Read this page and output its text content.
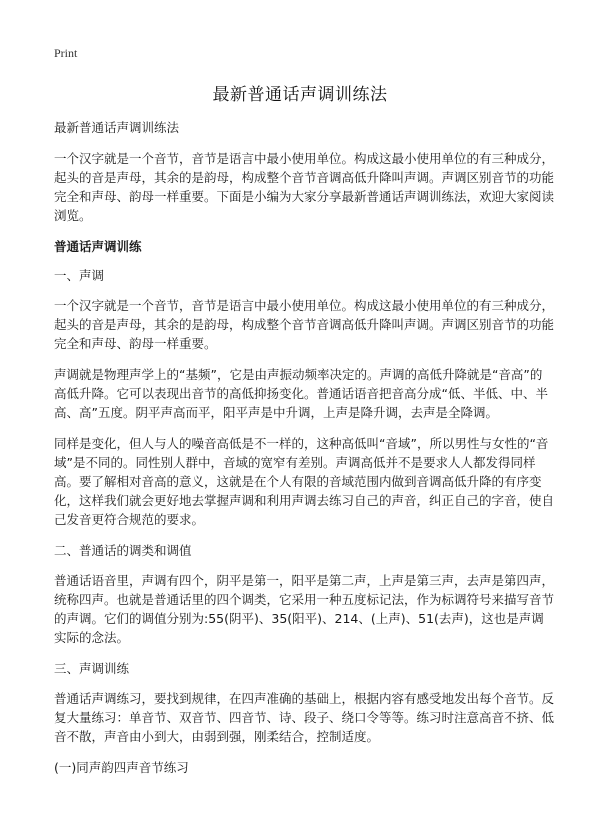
Print
最新普通话声调训练法

最新普通话声调训练法

一个汉字就是一个音节，音节是语言中最小使用单位。构成这最小使用单位的有三种成分，起头的音是声母，其余的是韵母，构成整个音节音调高低升降叫声调。声调区别音节的功能完全和声母、韵母一样重要。下面是小编为大家分享最新普通话声调训练法，欢迎大家阅读浏览。

普通话声调训练

一、声调

一个汉字就是一个音节，音节是语言中最小使用单位。构成这最小使用单位的有三种成分，起头的音是声母，其余的是韵母，构成整个音节音调高低升降叫声调。声调区别音节的功能完全和声母、韵母一样重要。

声调就是物理声学上的“基频”，它是由声振动频率决定的。声调的高低升降就是“音高”的高低升降。它可以表现出音节的高低抑扬变化。普通话语音把音高分成“低、半低、中、半高、高”五度。阴平声高而平，阳平声是中升调，上声是降升调，去声是全降调。

同样是变化，但人与人的噪音高低是不一样的，这种高低叫“音域”，所以男性与女性的“音域”是不同的。同性别人群中，音域的宽窄有差别。声调高低并不是要求人人都发得同样高。要了解相对音高的意义，这就是在个人有限的音域范围内做到音调高低升降的有序变化，这样我们就会更好地去掌握声调和利用声调去练习自己的声音，纠正自己的字音，使自己发音更符合规范的要求。

二、普通话的调类和调值

普通话语音里，声调有四个，阴平是第一，阳平是第二声，上声是第三声，去声是第四声，统称四声。也就是普通话里的四个调类，它采用一种五度标记法，作为标调符号来描写音节的声调。它们的调值分别为:55(阴平)、35(阳平)、214、(上声)、51(去声)，这也是声调实际的念法。

三、声调训练

普通话声调练习，要找到规律，在四声准确的基础上，根据内容有感受地发出每个音节。反复大量练习：单音节、双音节、四音节、诗、段子、绕口令等等。练习时注意高音不挤、低音不散，声音由小到大，由弱到强，刚柔结合，控制适度。

(一)同声韵四声音节练习
